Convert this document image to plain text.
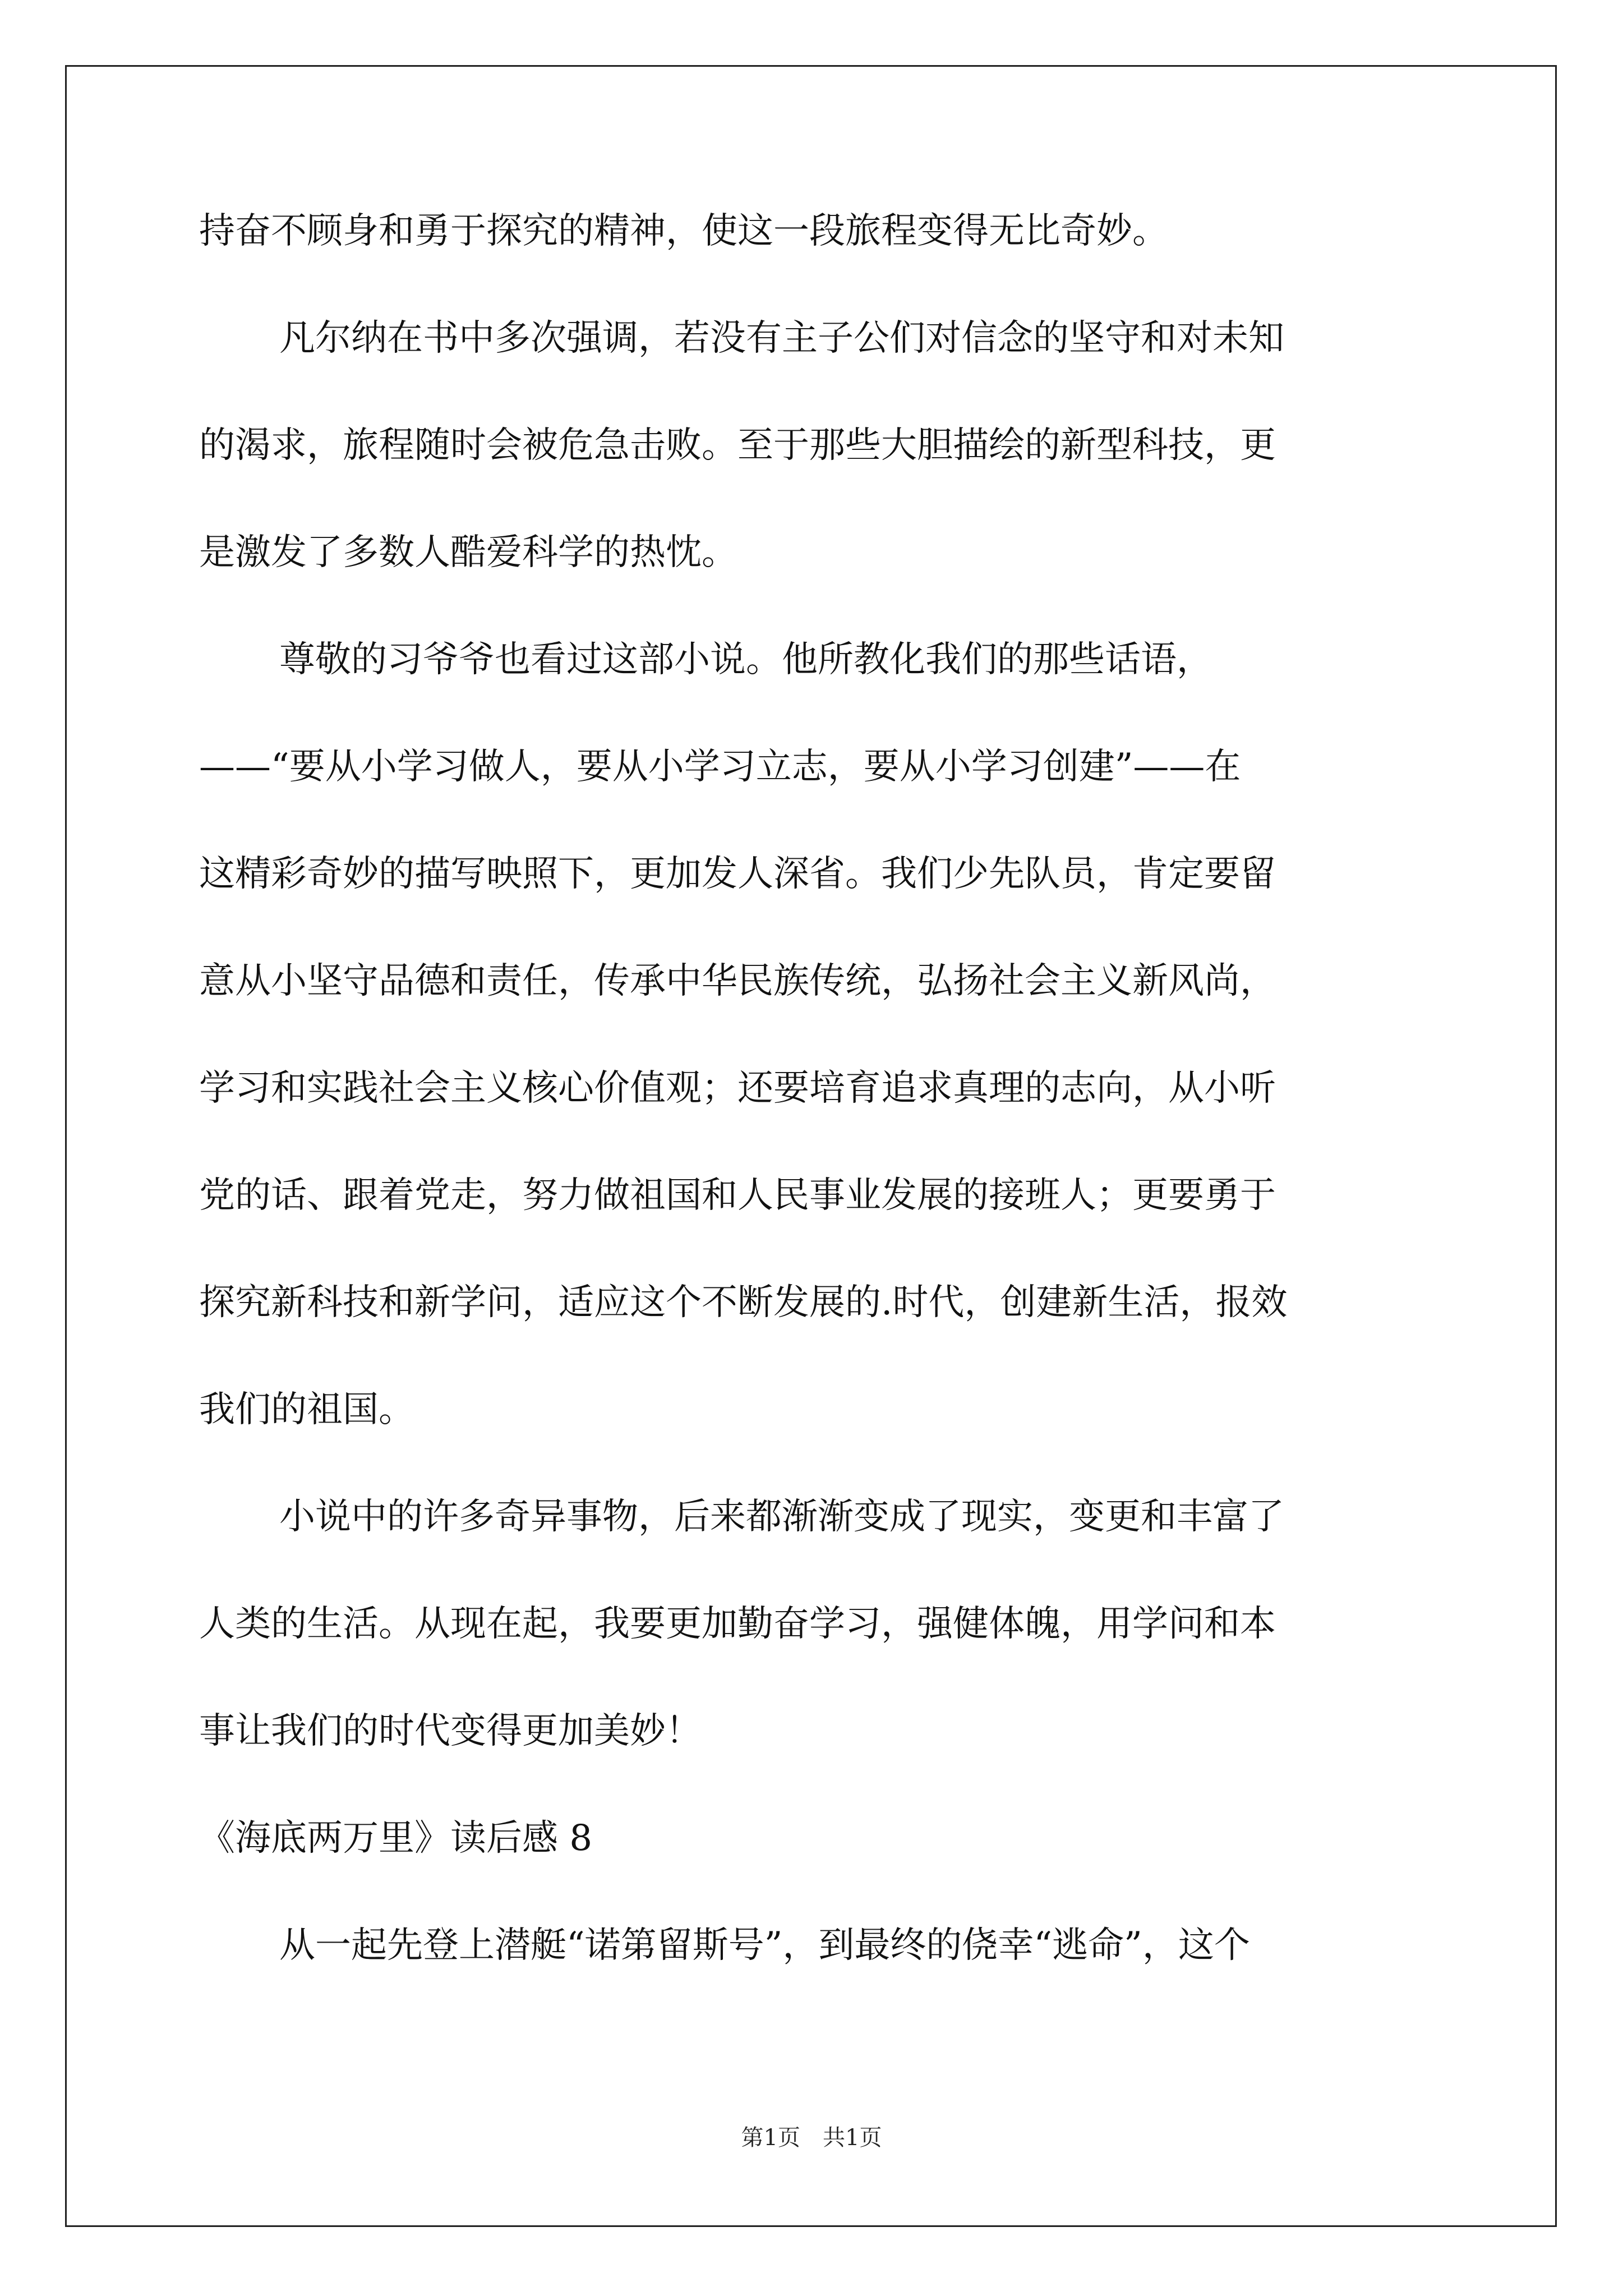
持奋不顾身和勇于探究的精神，使这一段旅程变得无比奇妙。

凡尔纳在书中多次强调，若没有主子公们对信念的坚守和对未知

的渴求，旅程随时会被危急击败。至于那些大胆描绘的新型科技，更

是激发了多数人酷爱科学的热忱。

尊敬的习爷爷也看过这部小说。他所教化我们的那些话语，

——“要从小学习做人，要从小学习立志，要从小学习创建”——在

这精彩奇妙的描写映照下，更加发人深省。我们少先队员，肯定要留

意从小坚守品德和责任，传承中华民族传统，弘扬社会主义新风尚，

学习和实践社会主义核心价值观；还要培育追求真理的志向，从小听

党的话、跟着党走，努力做祖国和人民事业发展的接班人；更要勇于

探究新科技和新学问，适应这个不断发展的.时代，创建新生活，报效

我们的祖国。

小说中的许多奇异事物，后来都渐渐变成了现实，变更和丰富了

人类的生活。从现在起，我要更加勤奋学习，强健体魄，用学问和本

事让我们的时代变得更加美妙！

《海底两万里》读后感 8

从一起先登上潜艇“诺第留斯号”，到最终的侥幸“逃命”，这个

第1页　共1页
